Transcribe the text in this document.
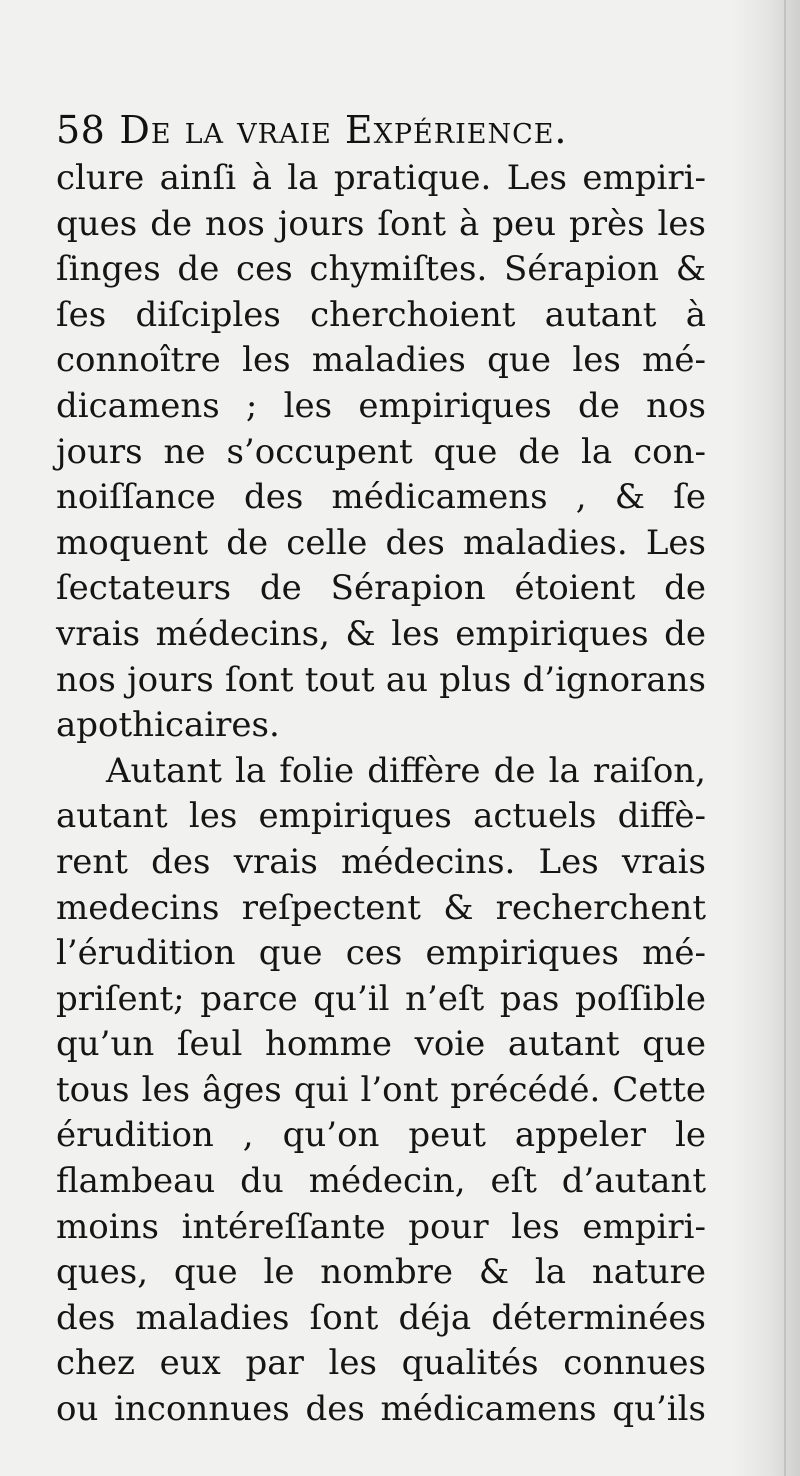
58 De la vraie Expérience.
clure ainſi à la pratique. Les empiri-
ques de nos jours ſont à peu près les
ſinges de ces chymiſtes. Sérapion &
ſes diſciples cherchoient autant à
connoître les maladies que les mé-
dicamens ; les empiriques de nos
jours ne s’occupent que de la con-
noiſſance des médicamens , & ſe
moquent de celle des maladies. Les
ſectateurs de Sérapion étoient de
vrais médecins, & les empiriques de
nos jours ſont tout au plus d’ignorans
apothicaires.
Autant la folie diffère de la raiſon,
autant les empiriques actuels diffè-
rent des vrais médecins. Les vrais
medecins reſpectent & recherchent
l’érudition que ces empiriques mé-
priſent; parce qu’il n’eſt pas poſſible
qu’un ſeul homme voie autant que
tous les âges qui l’ont précédé. Cette
érudition , qu’on peut appeler le
flambeau du médecin, eſt d’autant
moins intéreſſante pour les empiri-
ques, que le nombre & la nature
des maladies ſont déja déterminées
chez eux par les qualités connues
ou inconnues des médicamens qu’ils
